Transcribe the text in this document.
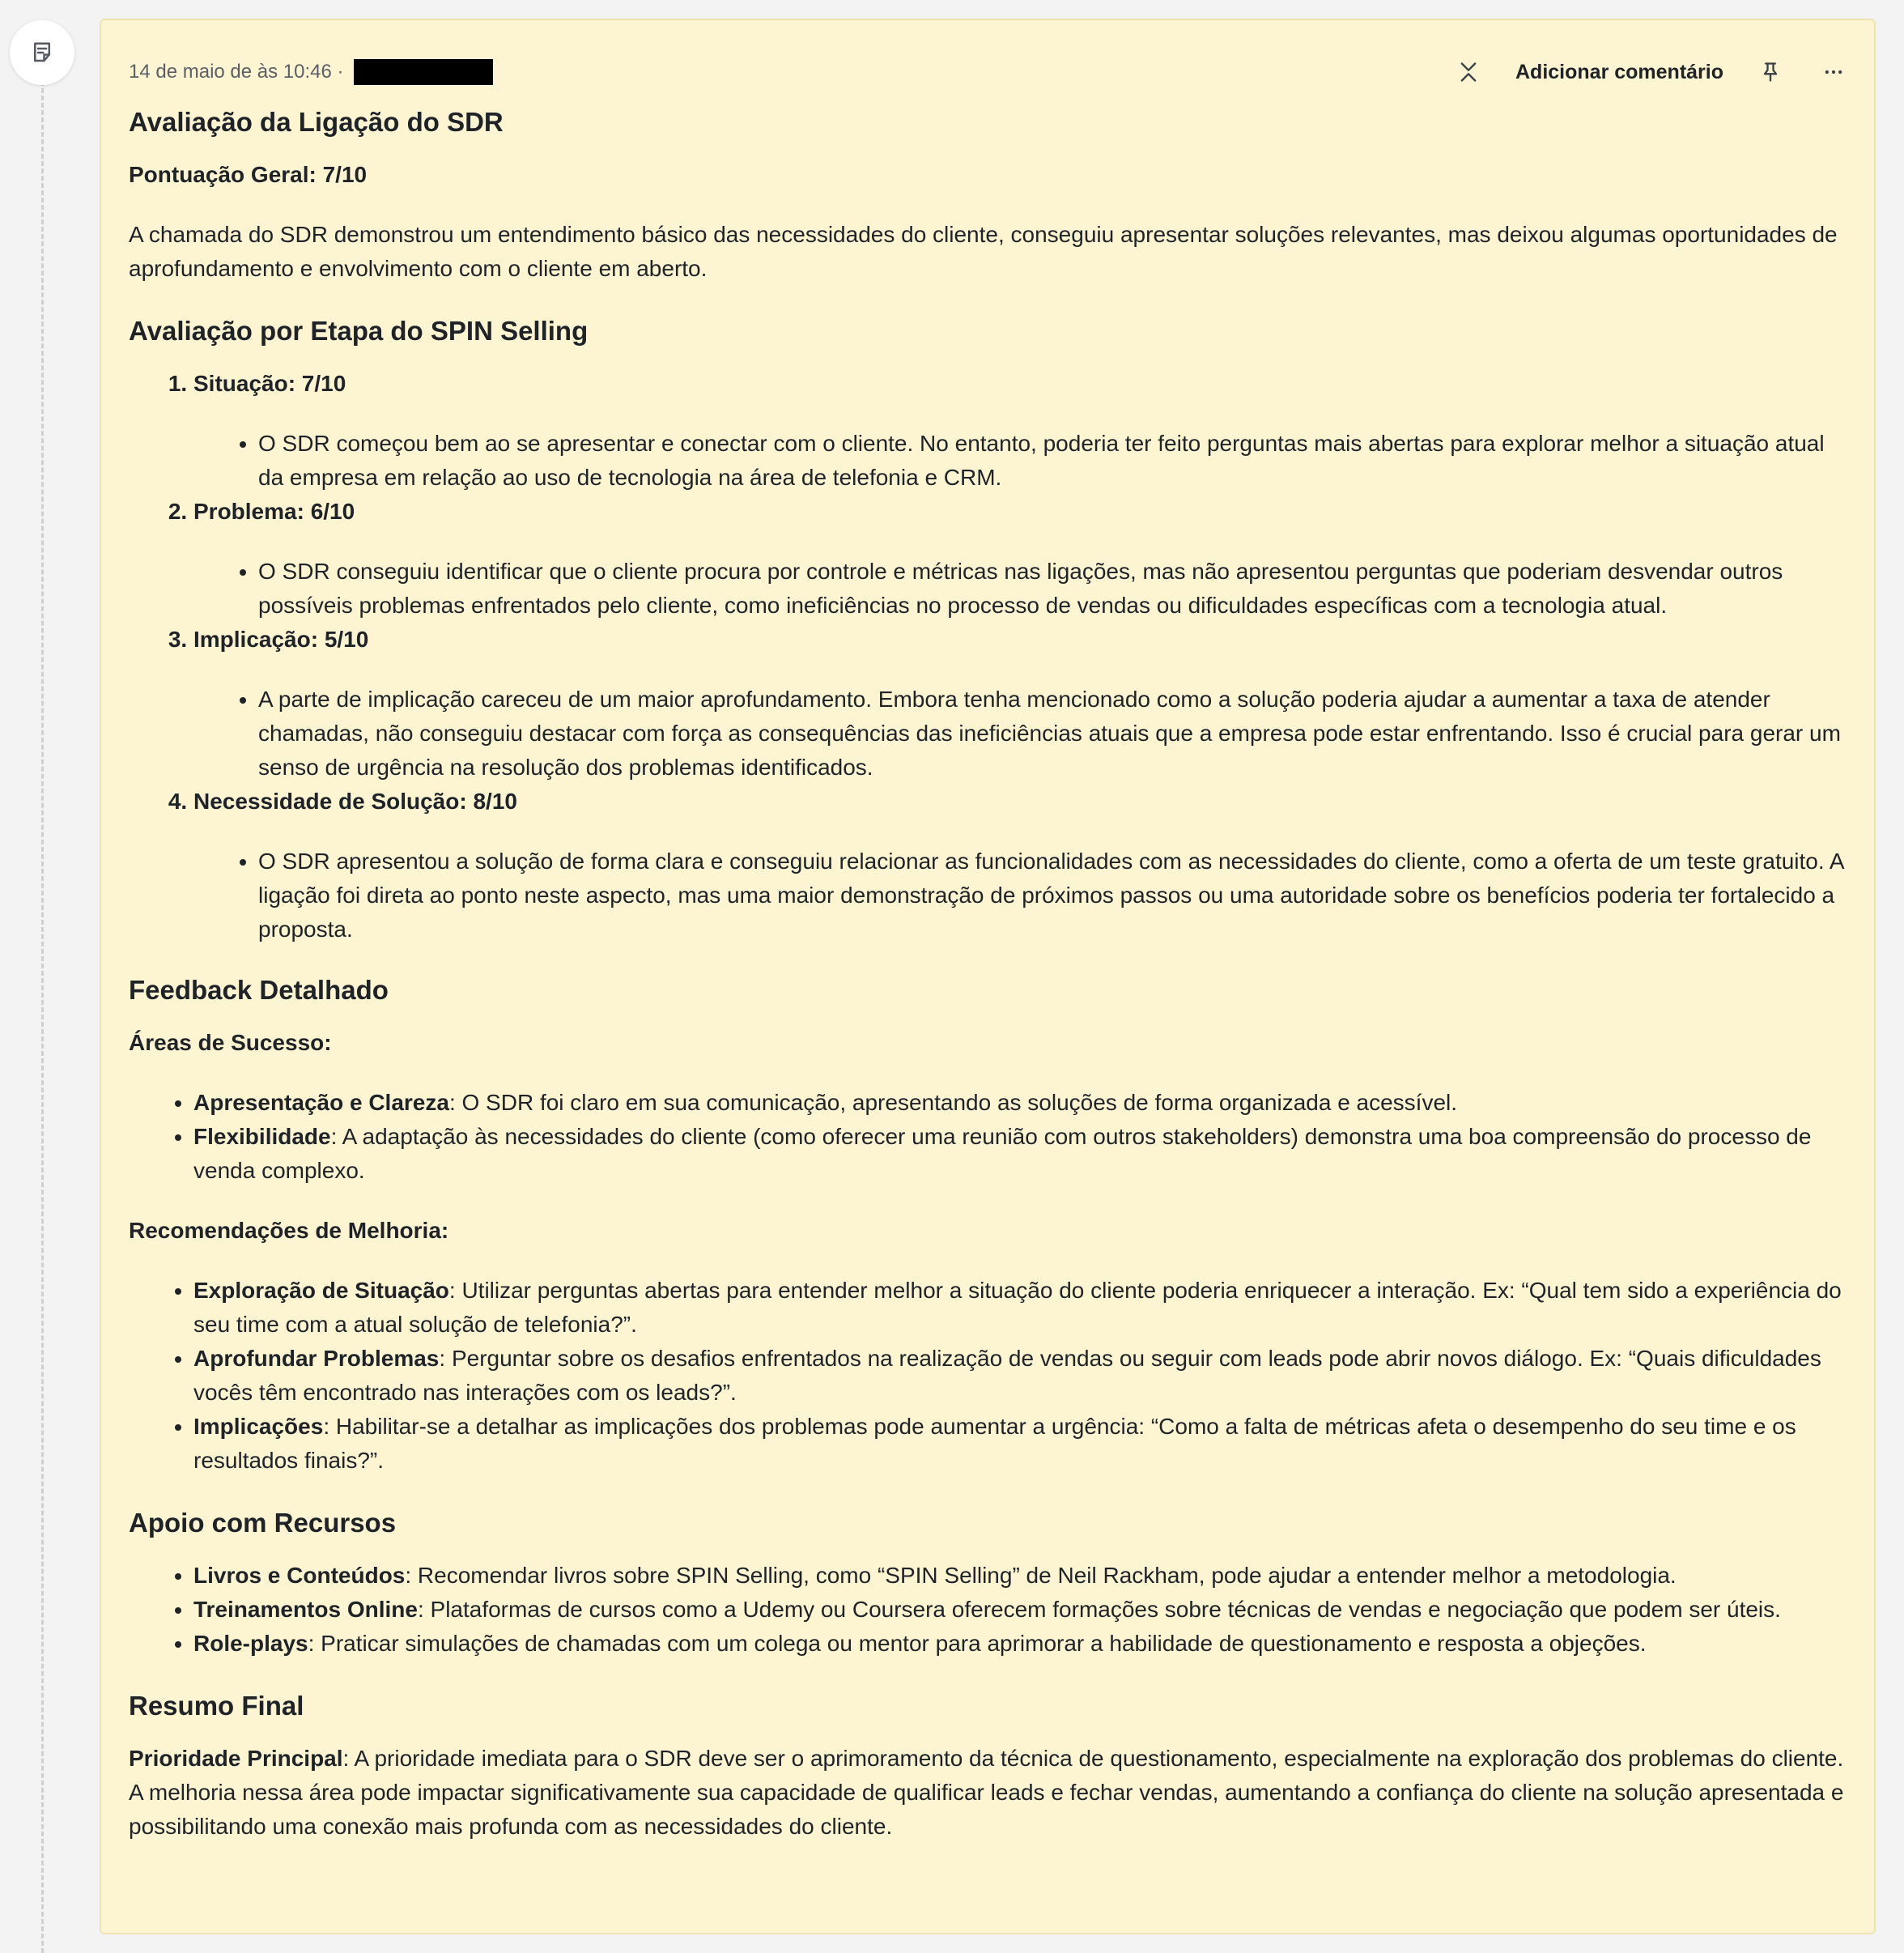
14 de maio de às 10:46 ·	Adicionar comentário
Avaliação da Ligação do SDR

Pontuação Geral: 7/10

A chamada do SDR demonstrou um entendimento básico das necessidades do cliente, conseguiu apresentar soluções relevantes, mas deixou algumas oportunidades de aprofundamento e envolvimento com o cliente em aberto.

Avaliação por Etapa do SPIN Selling
1. Situação: 7/10
• O SDR começou bem ao se apresentar e conectar com o cliente. No entanto, poderia ter feito perguntas mais abertas para explorar melhor a situação atual da empresa em relação ao uso de tecnologia na área de telefonia e CRM.
2. Problema: 6/10
• O SDR conseguiu identificar que o cliente procura por controle e métricas nas ligações, mas não apresentou perguntas que poderiam desvendar outros possíveis problemas enfrentados pelo cliente, como ineficiências no processo de vendas ou dificuldades específicas com a tecnologia atual.
3. Implicação: 5/10
• A parte de implicação careceu de um maior aprofundamento. Embora tenha mencionado como a solução poderia ajudar a aumentar a taxa de atender chamadas, não conseguiu destacar com força as consequências das ineficiências atuais que a empresa pode estar enfrentando. Isso é crucial para gerar um senso de urgência na resolução dos problemas identificados.
4. Necessidade de Solução: 8/10
• O SDR apresentou a solução de forma clara e conseguiu relacionar as funcionalidades com as necessidades do cliente, como a oferta de um teste gratuito. A ligação foi direta ao ponto neste aspecto, mas uma maior demonstração de próximos passos ou uma autoridade sobre os benefícios poderia ter fortalecido a proposta.
Feedback Detalhado

Áreas de Sucesso:

• Apresentação e Clareza: O SDR foi claro em sua comunicação, apresentando as soluções de forma organizada e acessível.
• Flexibilidade: A adaptação às necessidades do cliente (como oferecer uma reunião com outros stakeholders) demonstra uma boa compreensão do processo de venda complexo.

Recomendações de Melhoria:

• Exploração de Situação: Utilizar perguntas abertas para entender melhor a situação do cliente poderia enriquecer a interação. Ex: “Qual tem sido a experiência do seu time com a atual solução de telefonia?”.
• Aprofundar Problemas: Perguntar sobre os desafios enfrentados na realização de vendas ou seguir com leads pode abrir novos diálogo. Ex: “Quais dificuldades vocês têm encontrado nas interações com os leads?”.
• Implicações: Habilitar-se a detalhar as implicações dos problemas pode aumentar a urgência: “Como a falta de métricas afeta o desempenho do seu time e os resultados finais?”.
Apoio com Recursos
• Livros e Conteúdos: Recomendar livros sobre SPIN Selling, como “SPIN Selling” de Neil Rackham, pode ajudar a entender melhor a metodologia.
• Treinamentos Online: Plataformas de cursos como a Udemy ou Coursera oferecem formações sobre técnicas de vendas e negociação que podem ser úteis.
• Role-plays: Praticar simulações de chamadas com um colega ou mentor para aprimorar a habilidade de questionamento e resposta a objeções.
Resumo Final

Prioridade Principal: A prioridade imediata para o SDR deve ser o aprimoramento da técnica de questionamento, especialmente na exploração dos problemas do cliente. A melhoria nessa área pode impactar significativamente sua capacidade de qualificar leads e fechar vendas, aumentando a confiança do cliente na solução apresentada e possibilitando uma conexão mais profunda com as necessidades do cliente.
